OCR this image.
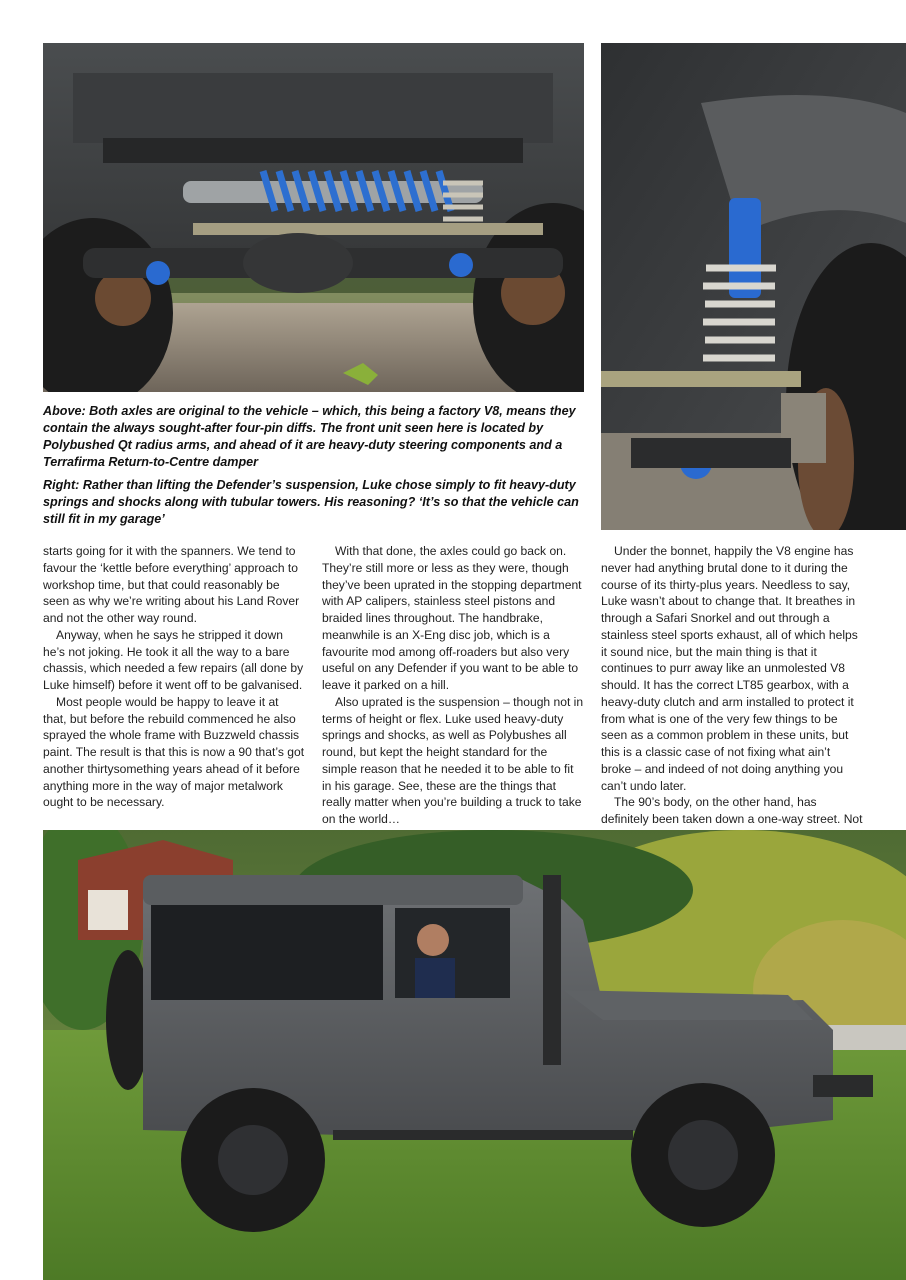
Above: Both axles are original to the vehicle – which, this being a factory V8, means they contain the always sought-after four-pin diffs. The front unit seen here is located by Polybushed Qt radius arms, and ahead of it are heavy-duty steering components and a Terrafirma Return-to-Centre damper

Right: Rather than lifting the Defender’s suspension, Luke chose simply to fit heavy-duty springs and shocks along with tubular towers. His reasoning? ‘It’s so that the vehicle can still fit in my garage’

starts going for it with the spanners. We tend to favour the ‘kettle before everything’ approach to workshop time, but that could reasonably be seen as why we’re writing about his Land Rover and not the other way round.

Anyway, when he says he stripped it down he’s not joking. He took it all the way to a bare chassis, which needed a few repairs (all done by Luke himself) before it went off to be galvanised.

Most people would be happy to leave it at that, but before the rebuild commenced he also sprayed the whole frame with Buzzweld chassis paint. The result is that this is now a 90 that’s got another thirtysomething years ahead of it before anything more in the way of major metalwork ought to be necessary.

With that done, the axles could go back on. They’re still more or less as they were, though they’ve been uprated in the stopping department with AP calipers, stainless steel pistons and braided lines throughout. The handbrake, meanwhile is an X-Eng disc job, which is a favourite mod among off-roaders but also very useful on any Defender if you want to be able to leave it parked on a hill.

Also uprated is the suspension – though not in terms of height or flex. Luke used heavy-duty springs and shocks, as well as Polybushes all round, but kept the height standard for the simple reason that he needed it to be able to fit in his garage. See, these are the things that really matter when you’re building a truck to take on the world…

Under the bonnet, happily the V8 engine has never had anything brutal done to it during the course of its thirty-plus years. Needless to say, Luke wasn’t about to change that. It breathes in through a Safari Snorkel and out through a stainless steel sports exhaust, all of which helps it sound nice, but the main thing is that it continues to purr away like an unmolested V8 should. It has the correct LT85 gearbox, with a heavy-duty clutch and arm installed to protect it from what is one of the very few things to be seen as a common problem in these units, but this is a classic case of not fixing what ain’t broke – and indeed of not doing anything you can’t undo later.

The 90’s body, on the other hand, has definitely been taken down a one-way street. Not
